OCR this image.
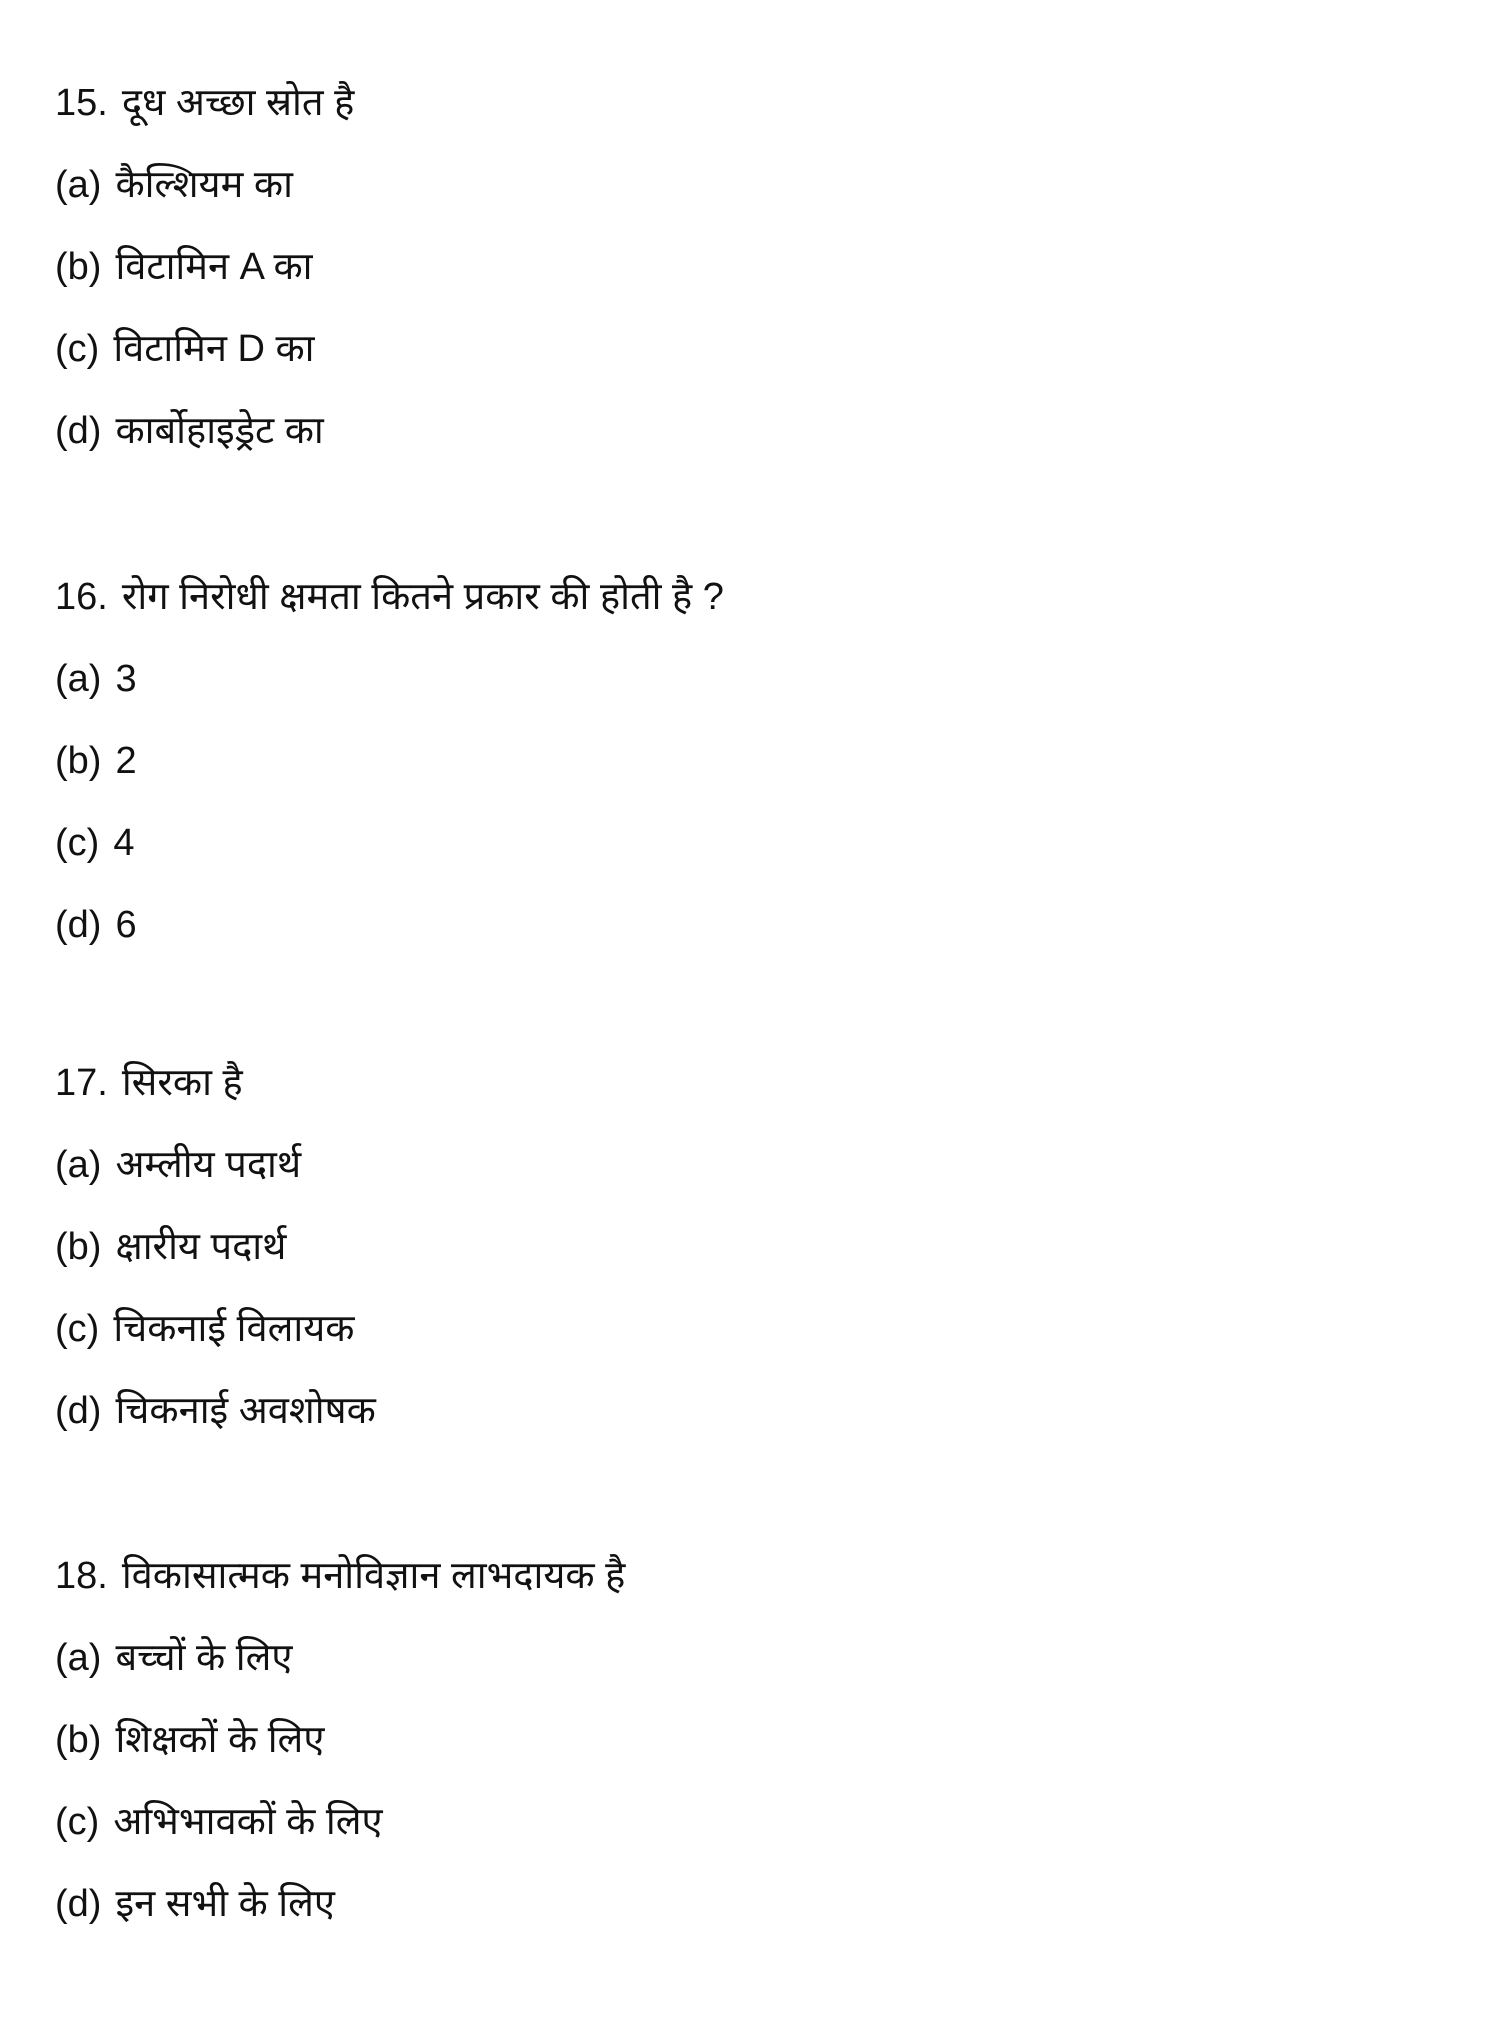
15. दूध अच्छा स्रोत है
(a) कैल्शियम का
(b) विटामिन A का
(c) विटामिन D का
(d) कार्बोहाइड्रेट का
16. रोग निरोधी क्षमता कितने प्रकार की होती है ?
(a) 3
(b) 2
(c) 4
(d) 6
17. सिरका है
(a) अम्लीय पदार्थ
(b) क्षारीय पदार्थ
(c) चिकनाई विलायक
(d) चिकनाई अवशोषक
18. विकासात्मक मनोविज्ञान लाभदायक है
(a) बच्चों के लिए
(b) शिक्षकों के लिए
(c) अभिभावकों के लिए
(d) इन सभी के लिए
